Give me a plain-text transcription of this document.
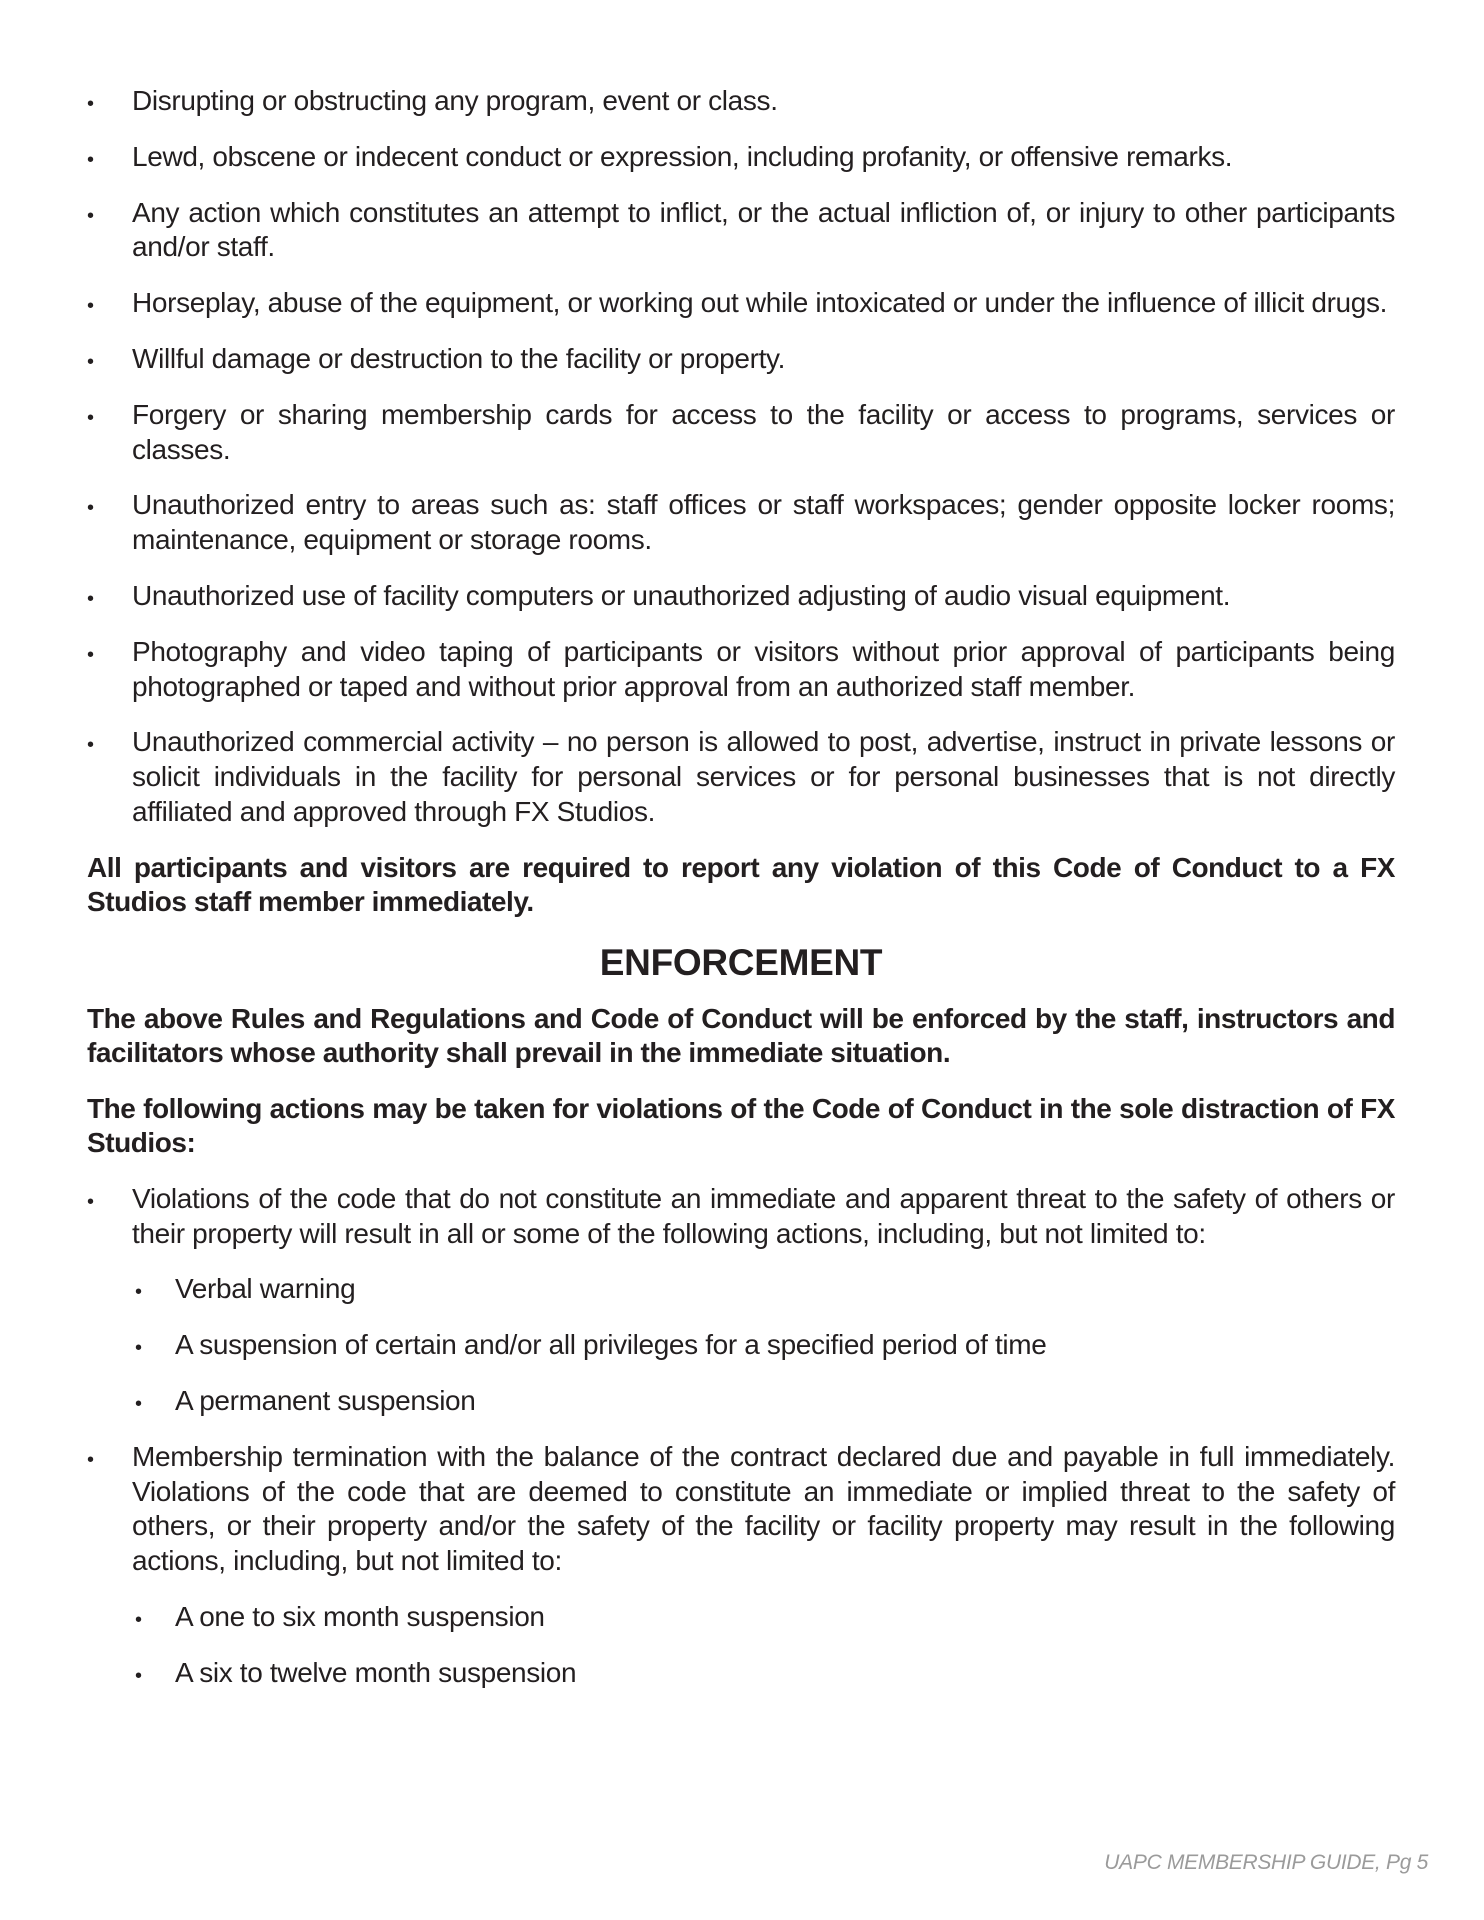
•
Disrupting or obstructing any program, event or class.

•
Lewd, obscene or indecent conduct or expression, including profanity, or offensive remarks.

•
Any action which constitutes an attempt to inflict, or the actual infliction of, or injury to other participants and/or staff.

•
Horseplay, abuse of the equipment, or working out while intoxicated or under the influence of illicit drugs.

•
Willful damage or destruction to the facility or property.

•
Forgery or sharing membership cards for access to the facility or access to programs, services or classes.

•
Unauthorized entry to areas such as: staff offices or staff workspaces; gender opposite locker rooms; maintenance, equipment or storage rooms.

•
Unauthorized use of facility computers or unauthorized adjusting of audio visual equipment.

•
Photography and video taping of participants or visitors without prior approval of participants being photographed or taped and without prior approval from an authorized staff member.

•
Unauthorized commercial activity – no person is allowed to post, advertise, instruct in private lessons or solicit individuals in the facility for personal services or for personal businesses that is not directly affiliated and approved through FX Studios.

All participants and visitors are required to report any violation of this Code of Conduct to a FX Studios staff member immediately.

ENFORCEMENT

The above Rules and Regulations and Code of Conduct will be enforced by the staff, instructors and facilitators whose authority shall prevail in the immediate situation.

The following actions may be taken for violations of the Code of Conduct in the sole distraction of FX Studios:

•
Violations of the code that do not constitute an immediate and apparent threat to the safety of others or their property will result in all or some of the following actions, including, but not limited to:

•
Verbal warning

•
A suspension of certain and/or all privileges for a specified period of time

•
A permanent suspension

•
Membership termination with the balance of the contract declared due and payable in full immediately. Violations of the code that are deemed to constitute an immediate or implied threat to the safety of others, or their property and/or the safety of the facility or facility property may result in the following actions, including, but not limited to:

•
A one to six month suspension

•
A six to twelve month suspension

UAPC MEMBERSHIP GUIDE, Pg 5
